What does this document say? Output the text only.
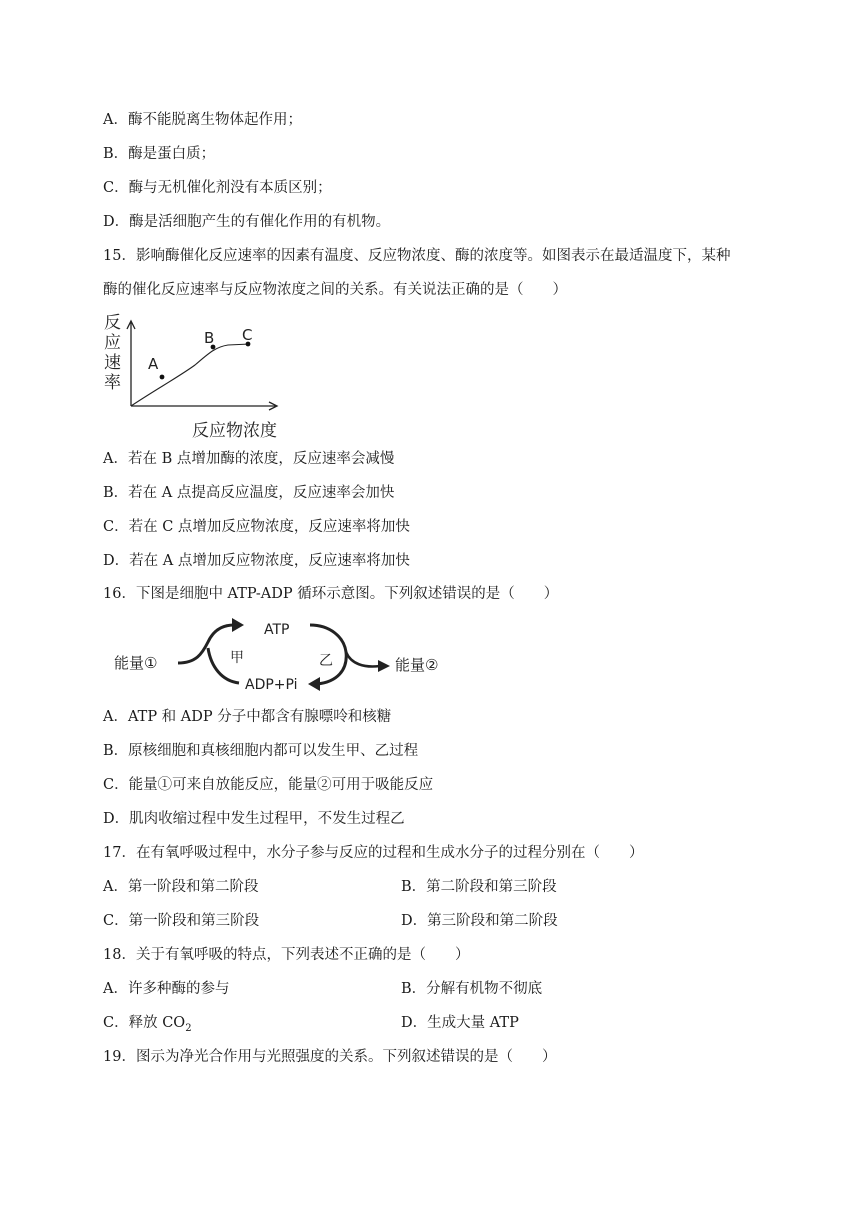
A．酶不能脱离生物体起作用；
B．酶是蛋白质；
C．酶与无机催化剂没有本质区别；
D．酶是活细胞产生的有催化作用的有机物。
15．影响酶催化反应速率的因素有温度、反应物浓度、酶的浓度等。如图表示在最适温度下，某种
酶的催化反应速率与反应物浓度之间的关系。有关说法正确的是（　　）
A
B C
反
应
速
率
反应物浓度
A．若在 B 点增加酶的浓度，反应速率会减慢
B．若在 A 点提高反应温度，反应速率会加快
C．若在 C 点增加反应物浓度，反应速率将加快
D．若在 A 点增加反应物浓度，反应速率将加快
16．下图是细胞中 ATP-ADP 循环示意图。下列叙述错误的是（　　）
能量①
ATP
ADP+Pi
甲	乙	能量②
A．ATP 和 ADP 分子中都含有腺嘌呤和核糖
B．原核细胞和真核细胞内都可以发生甲、乙过程
C．能量①可来自放能反应，能量②可用于吸能反应
D．肌肉收缩过程中发生过程甲，不发生过程乙
17．在有氧呼吸过程中，水分子参与反应的过程和生成水分子的过程分别在（　　）
A．第一阶段和第二阶段	B．第二阶段和第三阶段
C．第一阶段和第三阶段	D．第三阶段和第二阶段
18．关于有氧呼吸的特点，下列表述不正确的是（　　）
A．许多种酶的参与	B．分解有机物不彻底
C．释放 $CO_2$	D．生成大量 ATP
19．图示为净光合作用与光照强度的关系。下列叙述错误的是（　　）
